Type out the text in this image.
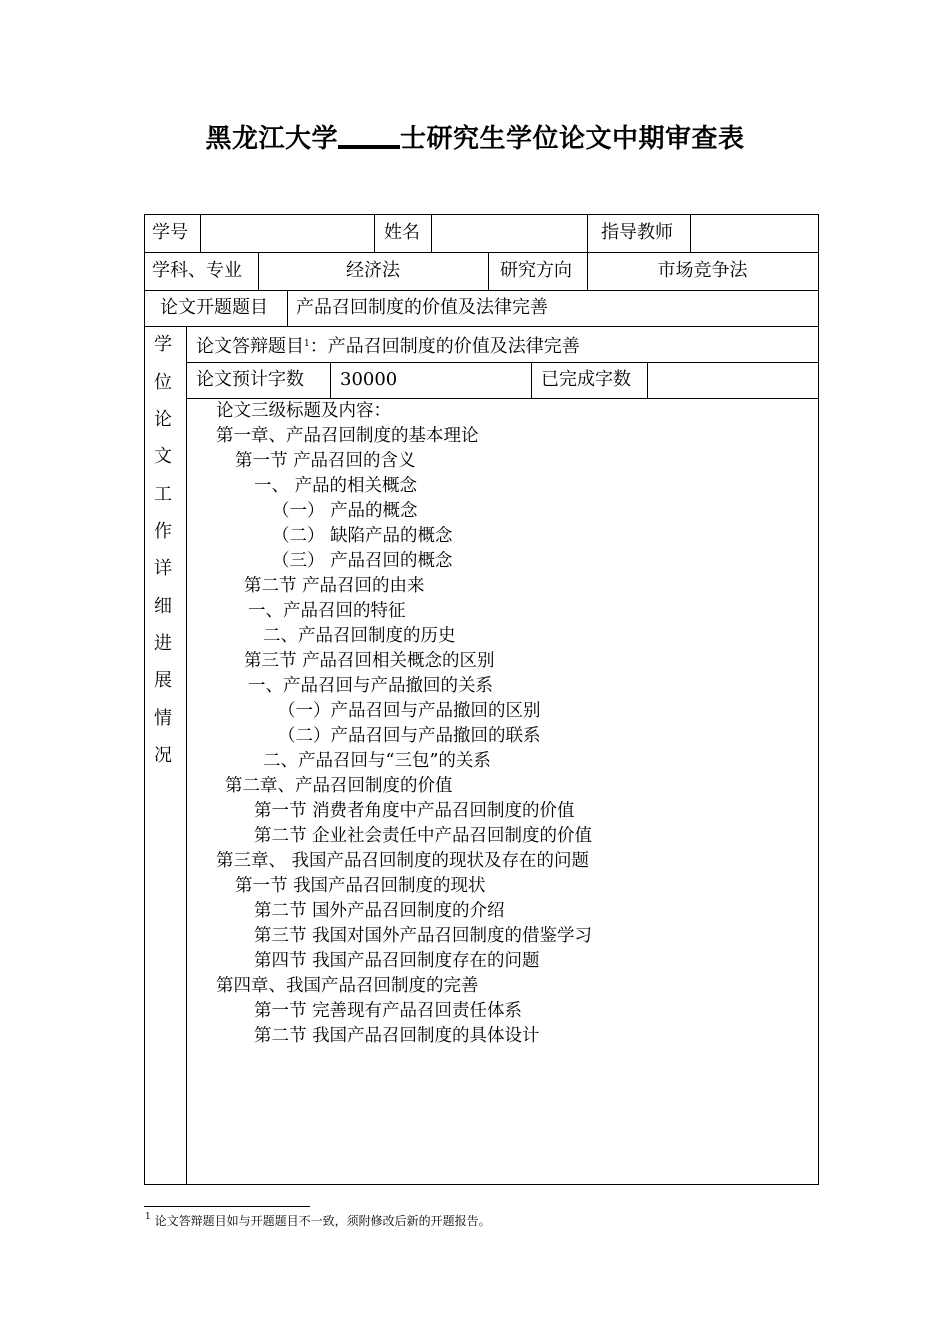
黑龙江大学 士研究生学位论文中期审查表
学号	姓名	指导教师
学科、专业	经济法	研究方向	市场竞争法
论文开题题目 产品召回制度的价值及法律完善
学
位
论
文
工
作
详
细
进
展
情
况
论文答辩题目$^1$：产品召回制度的价值及法律完善
论文预计字数 30000	已完成字数
论文三级标题及内容：
第一章、产品召回制度的基本理论
第一节 产品召回的含义
一、 产品的相关概念
（一） 产品的概念
（二） 缺陷产品的概念
（三） 产品召回的概念
第二节 产品召回的由来
一、产品召回的特征
二、产品召回制度的历史
第三节 产品召回相关概念的区别
一、产品召回与产品撤回的关系
（一）产品召回与产品撤回的区别
（二）产品召回与产品撤回的联系
二、产品召回与“三包”的关系
第二章、产品召回制度的价值
第一节 消费者角度中产品召回制度的价值
第二节 企业社会责任中产品召回制度的价值
第三章、 我国产品召回制度的现状及存在的问题
第一节 我国产品召回制度的现状
第二节 国外产品召回制度的介绍
第三节 我国对国外产品召回制度的借鉴学习
第四节 我国产品召回制度存在的问题
第四章、我国产品召回制度的完善
第一节 完善现有产品召回责任体系
第二节 我国产品召回制度的具体设计
$^1$ 论文答辩题目如与开题题目不一致，须附修改后新的开题报告。
